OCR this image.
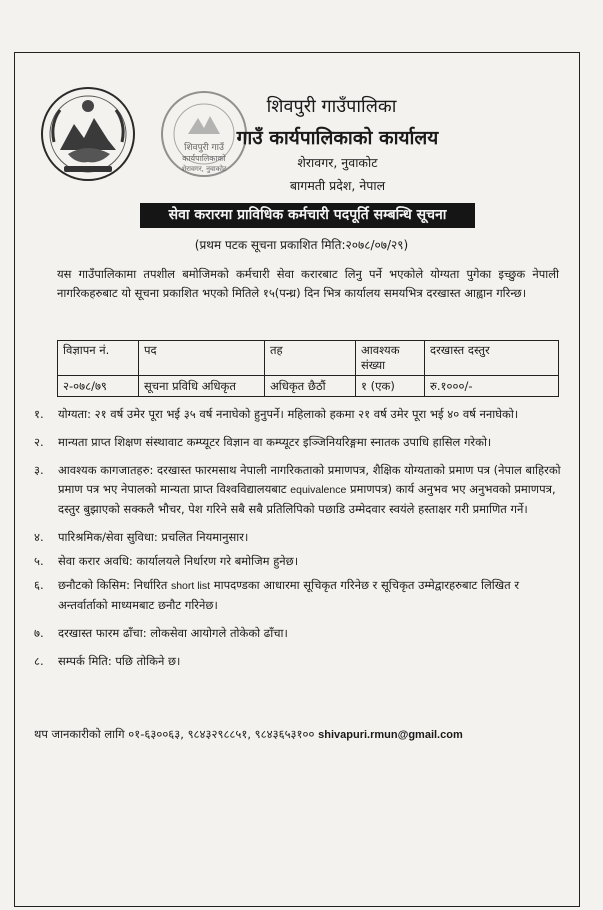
शिवपुरी गाउँ
कार्यपालिकाको
शेरावगर, नुवाकोट
शिवपुरी गाउँपालिका
गाउँ कार्यपालिकाको कार्यालय
शेरावगर, नुवाकोट
बागमती प्रदेश, नेपाल
सेवा करारमा प्राविधिक कर्मचारी पदपूर्ति सम्बन्धि सूचना
(प्रथम पटक सूचना प्रकाशित मिति:२०७८/०७/२९)
यस गाउँपालिकामा तपशील बमोजिमको कर्मचारी सेवा करारबाट लिनु पर्ने भएकोले योग्यता पुगेका इच्छुक नेपाली नागरिकहरुबाट यो सूचना प्रकाशित भएको मितिले १५(पन्ध्र) दिन भित्र कार्यालय समयभित्र दरखास्त आह्वान गरिन्छ।
विज्ञापन नं.	पद	तह	आवश्यक संख्या	दरखास्त दस्तुर
२-०७८/७९	सूचना प्रविधि अधिकृत	अधिकृत छैठौं	१ (एक)	रु.१०००/-
१. योग्यता: २१ वर्ष उमेर पूरा भई ३५ वर्ष ननाघेको हुनुपर्ने। महिलाको हकमा २१ वर्ष उमेर पूरा भई ४० वर्ष ननाघेको।
२. मान्यता प्राप्त शिक्षण संस्थावाट कम्प्यूटर विज्ञान वा कम्प्यूटर इञ्जिनियरिङ्गमा स्नातक उपाधि हासिल गरेको।
३. आवश्यक कागजातहरु: दरखास्त फारमसाथ नेपाली नागरिकताको प्रमाणपत्र, शैक्षिक योग्यताको प्रमाण पत्र (नेपाल बाहिरको प्रमाण पत्र भए नेपालको मान्यता प्राप्त विश्वविद्यालयबाट equivalence प्रमाणपत्र) कार्य अनुभव भए अनुभवको प्रमाणपत्र, दस्तुर बुझाएको सक्कलै भौचर, पेश गरिने सबै सबै प्रतिलिपिको पछाडि उम्मेदवार स्वयंले हस्ताक्षर गरी प्रमाणित गर्ने।
४. पारिश्रमिक/सेवा सुविधा: प्रचलित नियमानुसार।
५. सेवा करार अवधि: कार्यालयले निर्धारण गरे बमोजिम हुनेछ।
६. छनौटको किसिम: निर्धारित short list मापदण्डका आधारमा सूचिकृत गरिनेछ र सूचिकृत उम्मेद्वारहरुबाट लिखित र अन्तर्वार्ताको माध्यमबाट छनौट गरिनेछ।
७. दरखास्त फारम ढाँचा: लोकसेवा आयोगले तोकेको ढाँचा।
८. सम्पर्क मिति: पछि तोकिने छ।
थप जानकारीको लागि ०१-६३००६३, ९८४३२९८८५१, ९८४३६५३१०० shivapuri.rmun@gmail.com
